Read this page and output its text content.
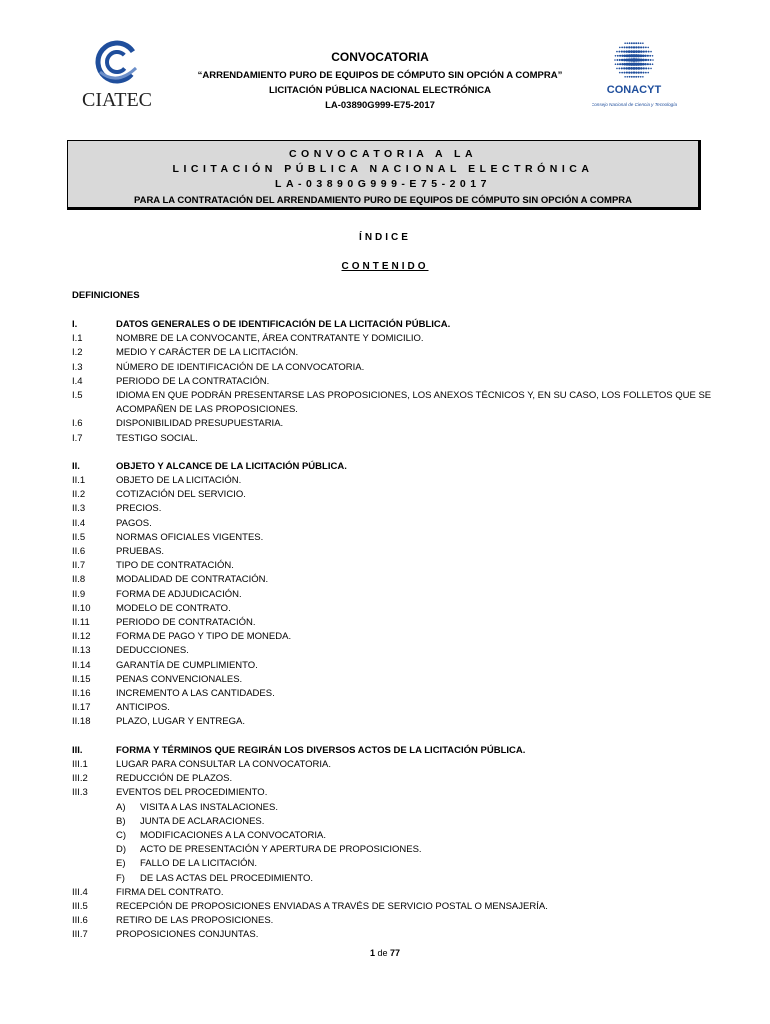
CIATEC
CONVOCATORIA
“ARRENDAMIENTO PURO DE EQUIPOS DE CÓMPUTO SIN OPCIÓN A COMPRA”
LICITACIÓN PÚBLICA NACIONAL ELECTRÓNICA
LA-03890G999-E75-2017
CONACYT
Consejo Nacional de Ciencia y Tecnología
CONVOCATORIA A LA
LICITACIÓN PÚBLICA NACIONAL ELECTRÓNICA
LA-03890G999-E75-2017
PARA LA CONTRATACIÓN DEL ARRENDAMIENTO PURO DE EQUIPOS DE CÓMPUTO SIN OPCIÓN A COMPRA
ÍNDICE
CONTENIDO
DEFINICIONES
I.	DATOS GENERALES O DE IDENTIFICACIÓN DE LA LICITACIÓN PÚBLICA.
I.1	NOMBRE DE LA CONVOCANTE, ÁREA CONTRATANTE Y DOMICILIO.
I.2	MEDIO Y CARÁCTER DE LA LICITACIÓN.
I.3	NÚMERO DE IDENTIFICACIÓN DE LA CONVOCATORIA.
I.4	PERIODO DE LA CONTRATACIÓN.
I.5	IDIOMA EN QUE PODRÁN PRESENTARSE LAS PROPOSICIONES, LOS ANEXOS TÉCNICOS Y, EN SU CASO, LOS FOLLETOS QUE SE ACOMPAÑEN DE LAS PROPOSICIONES.
I.6	DISPONIBILIDAD PRESUPUESTARIA.
I.7	TESTIGO SOCIAL.
II.	OBJETO Y ALCANCE DE LA LICITACIÓN PÚBLICA.
II.1	OBJETO DE LA LICITACIÓN.
II.2	COTIZACIÓN DEL SERVICIO.
II.3	PRECIOS.
II.4	PAGOS.
II.5	NORMAS OFICIALES VIGENTES.
II.6	PRUEBAS.
II.7	TIPO DE CONTRATACIÓN.
II.8	MODALIDAD DE CONTRATACIÓN.
II.9	FORMA DE ADJUDICACIÓN.
II.10	MODELO DE CONTRATO.
II.11	PERIODO DE CONTRATACIÓN.
II.12	FORMA DE PAGO Y TIPO DE MONEDA.
II.13	DEDUCCIONES.
II.14	GARANTÍA DE CUMPLIMIENTO.
II.15	PENAS CONVENCIONALES.
II.16	INCREMENTO A LAS CANTIDADES.
II.17	ANTICIPOS.
II.18	PLAZO, LUGAR Y ENTREGA.
III.	FORMA Y TÉRMINOS QUE REGIRÁN LOS DIVERSOS ACTOS DE LA LICITACIÓN PÚBLICA.
III.1	LUGAR PARA CONSULTAR LA CONVOCATORIA.
III.2	REDUCCIÓN DE PLAZOS.
III.3	EVENTOS DEL PROCEDIMIENTO.
A)	VISITA A LAS INSTALACIONES.
B)	JUNTA DE ACLARACIONES.
C)	MODIFICACIONES A LA CONVOCATORIA.
D)	ACTO DE PRESENTACIÓN Y APERTURA DE PROPOSICIONES.
E)	FALLO DE LA LICITACIÓN.
F)	DE LAS ACTAS DEL PROCEDIMIENTO.
III.4	FIRMA DEL CONTRATO.
III.5	RECEPCIÓN DE PROPOSICIONES ENVIADAS A TRAVÉS DE SERVICIO POSTAL O MENSAJERÍA.
III.6	RETIRO DE LAS PROPOSICIONES.
III.7	PROPOSICIONES CONJUNTAS.
1 de 77
